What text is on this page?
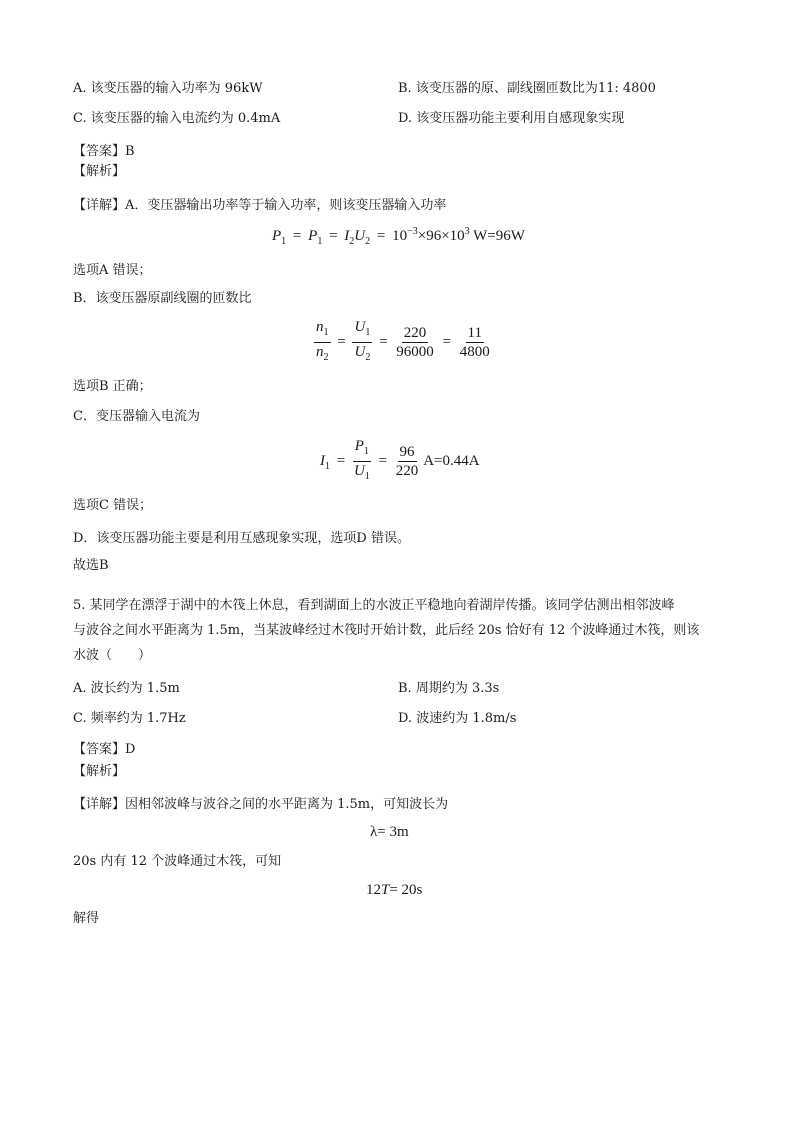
A. 该变压器的输入功率为 96kW	B. 该变压器的原、副线圈匝数比为11: 4800
C. 该变压器的输入电流约为 0.4mA	D. 该变压器功能主要利用自感现象实现
【答案】B
【解析】
【详解】A．变压器输出功率等于输入功率，则该变压器输入功率
$P_1 = P_1 = I_2U_2 = 10^{-3}\times 96\times 10^3$ W=96W
选项A 错误；
B．该变压器原副线圈的匝数比
$\frac{n_1}{n_2} = \frac{U_1}{U_2} = \frac{220}{96000} = \frac{11}{4800}$
选项B 正确；
C．变压器输入电流为
$I_1 = \frac{P_1}{U_1} = \frac{96}{220} A=0.44A$
选项C 错误；
D．该变压器功能主要是利用互感现象实现，选项D 错误。
故选B
5. 某同学在漂浮于湖中的木筏上休息，看到湖面上的水波正平稳地向着湖岸传播。该同学估测出相邻波峰
与波谷之间水平距离为 1.5m，当某波峰经过木筏时开始计数，此后经 20s 恰好有 12 个波峰通过木筏，则该
水波（　　）
A. 波长约为 1.5m	B. 周期约为 3.3s
C. 频率约为 1.7Hz	D. 波速约为 1.8m/s
【答案】D
【解析】
【详解】因相邻波峰与波谷之间的水平距离为 1.5m，可知波长为
λ= 3m
20s 内有 12 个波峰通过木筏，可知
12T= 20s
解得
